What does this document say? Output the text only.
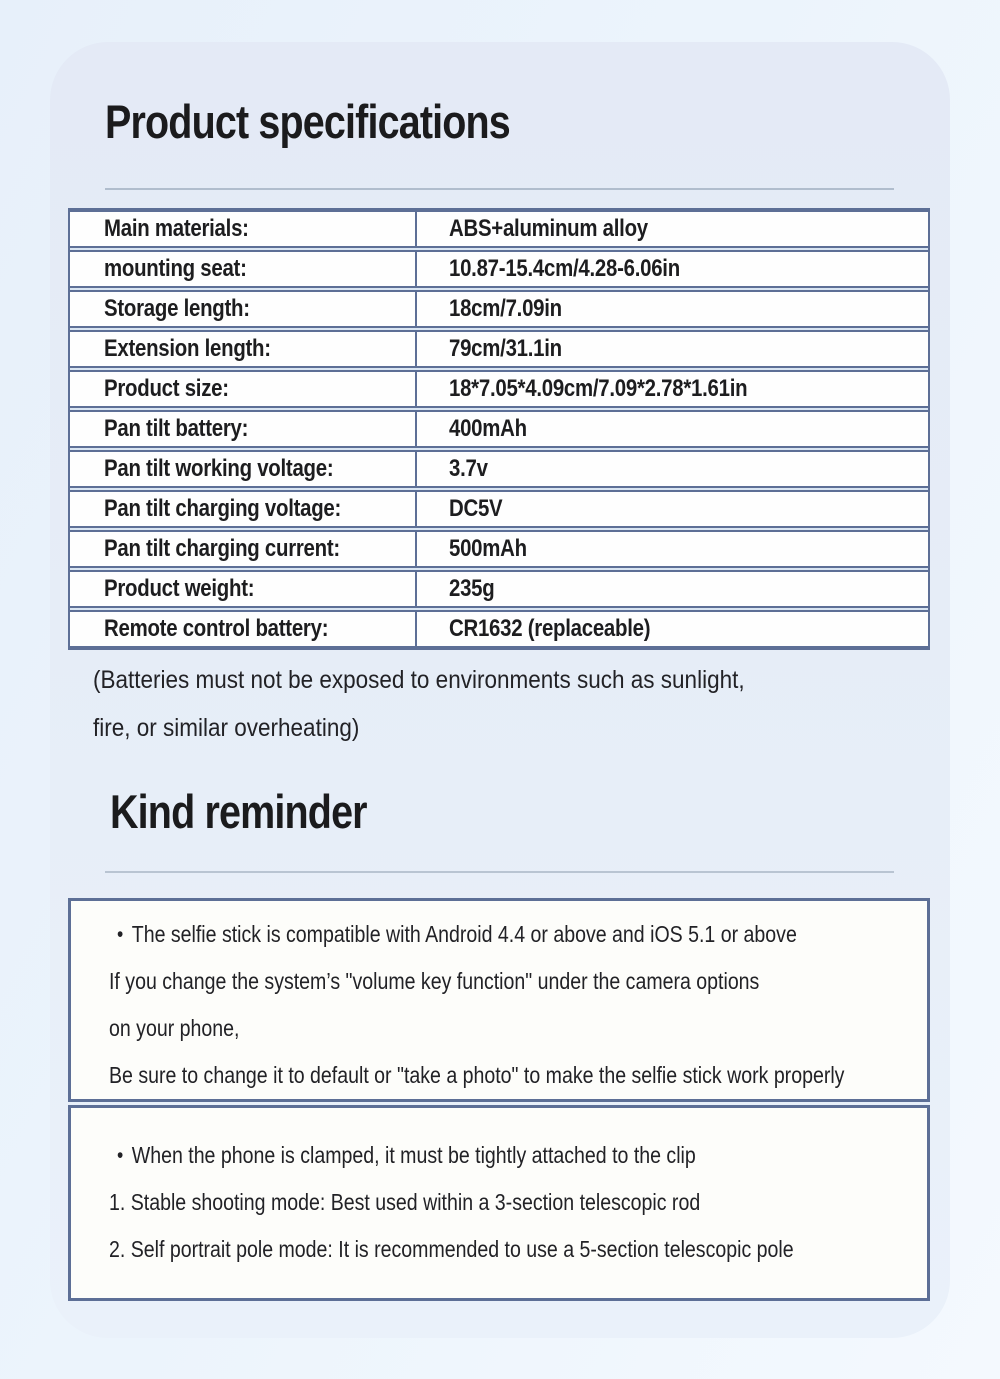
Product specifications
Main materials:	ABS+aluminum alloy
mounting seat:	10.87-15.4cm/4.28-6.06in
Storage length:	18cm/7.09in
Extension length:	79cm/31.1in
Product size:	18*7.05*4.09cm/7.09*2.78*1.61in
Pan tilt battery:	400mAh
Pan tilt working voltage:	3.7v
Pan tilt charging voltage:	DC5V
Pan tilt charging current:	500mAh
Product weight:	235g
Remote control battery:	CR1632 (replaceable)
(Batteries must not be exposed to environments such as sunlight,
fire, or similar overheating)
Kind reminder
• The selfie stick is compatible with Android 4.4 or above and iOS 5.1 or above
If you change the system’s "volume key function" under the camera options
on your phone,
Be sure to change it to default or "take a photo" to make the selfie stick work properly
• When the phone is clamped, it must be tightly attached to the clip
1. Stable shooting mode: Best used within a 3-section telescopic rod
2. Self portrait pole mode: It is recommended to use a 5-section telescopic pole
